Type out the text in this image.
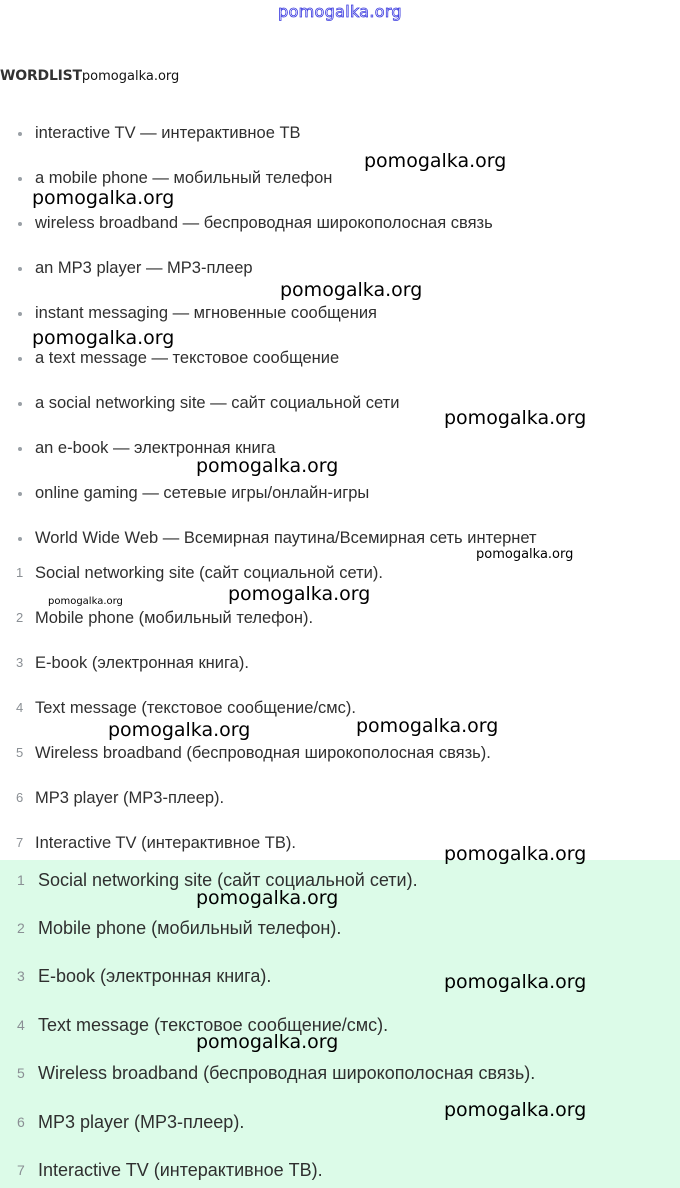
pomogalka.org
WORDLISTpomogalka.org
interactive TV — интерактивное ТВ
a mobile phone — мобильный телефон
wireless broadband — беспроводная широкополосная связь
an MP3 player — MP3-плеер
instant messaging — мгновенные сообщения
a text message — текстовое сообщение
a social networking site — сайт социальной сети
an e-book — электронная книга
online gaming — сетевые игры/онлайн-игры
World Wide Web — Всемирная паутина/Всемирная сеть интернет
1 Social networking site (сайт социальной сети).
2 Mobile phone (мобильный телефон).
3 E-book (электронная книга).
4 Text message (текстовое сообщение/смс).
5 Wireless broadband (беспроводная широкополосная связь).
6 MP3 player (MP3-плеер).
7 Interactive TV (интерактивное ТВ).
1 Social networking site (сайт социальной сети).
2 Mobile phone (мобильный телефон).
3 E-book (электронная книга).
4 Text message (текстовое сообщение/смс).
5 Wireless broadband (беспроводная широкополосная связь).
6 MP3 player (MP3-плеер).
7 Interactive TV (интерактивное ТВ).
pomogalka.org
pomogalka.org
pomogalka.org
pomogalka.org
pomogalka.org
pomogalka.org
pomogalka.org
pomogalka.org
pomogalka.org
pomogalka.org	pomogalka.org
pomogalka.org
pomogalka.org
pomogalka.org
pomogalka.org
pomogalka.org
